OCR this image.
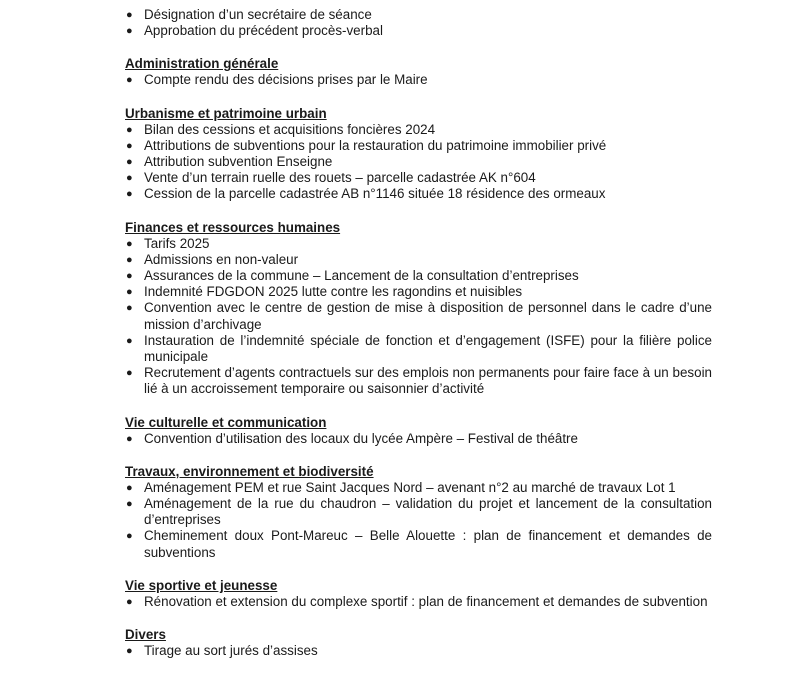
● Désignation d’un secrétaire de séance
● Approbation du précédent procès-verbal
Administration générale
● Compte rendu des décisions prises par le Maire
Urbanisme et patrimoine urbain
● Bilan des cessions et acquisitions foncières 2024
● Attributions de subventions pour la restauration du patrimoine immobilier privé
● Attribution subvention Enseigne
● Vente d’un terrain ruelle des rouets – parcelle cadastrée AK n°604
● Cession de la parcelle cadastrée AB n°1146 située 18 résidence des ormeaux
Finances et ressources humaines
● Tarifs 2025
● Admissions en non-valeur
● Assurances de la commune – Lancement de la consultation d’entreprises
● Indemnité FDGDON 2025 lutte contre les ragondins et nuisibles
● Convention avec le centre de gestion de mise à disposition de personnel dans le cadre d’une mission d’archivage
● Instauration de l’indemnité spéciale de fonction et d’engagement (ISFE) pour la filière police municipale
● Recrutement d’agents contractuels sur des emplois non permanents pour faire face à un besoin lié à un accroissement temporaire ou saisonnier d’activité
Vie culturelle et communication
● Convention d’utilisation des locaux du lycée Ampère – Festival de théâtre
Travaux, environnement et biodiversité
● Aménagement PEM et rue Saint Jacques Nord – avenant n°2 au marché de travaux Lot 1
● Aménagement de la rue du chaudron – validation du projet et lancement de la consultation d’entreprises
● Cheminement doux Pont-Mareuc – Belle Alouette : plan de financement et demandes de subventions
Vie sportive et jeunesse
● Rénovation et extension du complexe sportif : plan de financement et demandes de subvention
Divers
● Tirage au sort jurés d’assises
